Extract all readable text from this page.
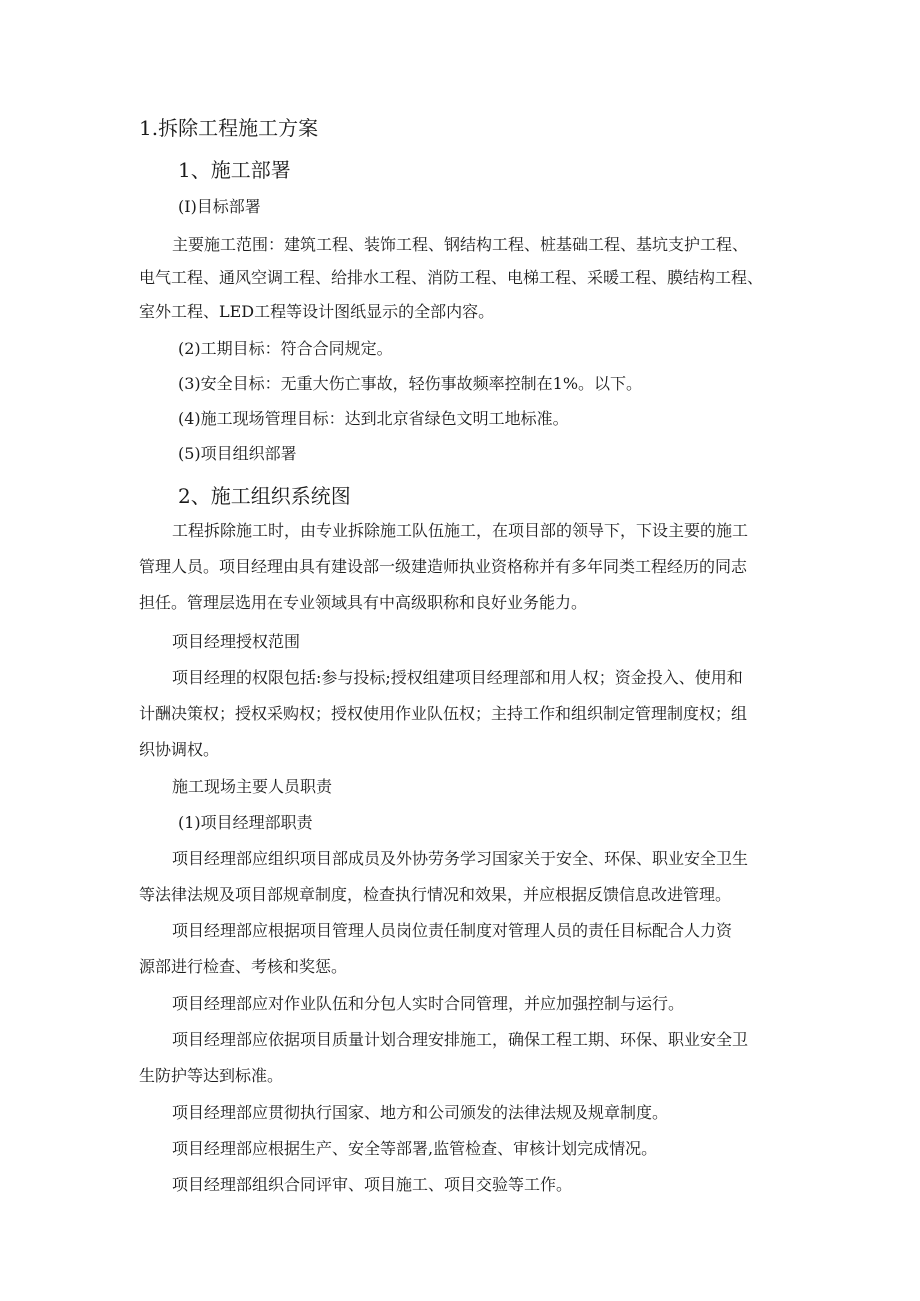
1.拆除工程施工方案
1、施工部署
(I)目标部署
主要施工范围：建筑工程、装饰工程、钢结构工程、桩基础工程、基坑支护工程、
电气工程、通风空调工程、给排水工程、消防工程、电梯工程、采暖工程、膜结构工程、
室外工程、LED工程等设计图纸显示的全部内容。
(2)工期目标：符合合同规定。
(3)安全目标：无重大伤亡事故，轻伤事故频率控制在1%。以下。
(4)施工现场管理目标：达到北京省绿色文明工地标准。
(5)项目组织部署
2、施工组织系统图
工程拆除施工时，由专业拆除施工队伍施工，在项目部的领导下，下设主要的施工
管理人员。项目经理由具有建设部一级建造师执业资格称并有多年同类工程经历的同志
担任。管理层选用在专业领域具有中高级职称和良好业务能力。
项目经理授权范围
项目经理的权限包括:参与投标;授权组建项目经理部和用人权；资金投入、使用和
计酬决策权；授权采购权；授权使用作业队伍权；主持工作和组织制定管理制度权；组
织协调权。
施工现场主要人员职责
(1)项目经理部职责
项目经理部应组织项目部成员及外协劳务学习国家关于安全、环保、职业安全卫生
等法律法规及项目部规章制度，检查执行情况和效果，并应根据反馈信息改进管理。
项目经理部应根据项目管理人员岗位责任制度对管理人员的责任目标配合人力资
源部进行检查、考核和奖惩。
项目经理部应对作业队伍和分包人实时合同管理，并应加强控制与运行。
项目经理部应依据项目质量计划合理安排施工，确保工程工期、环保、职业安全卫
生防护等达到标准。
项目经理部应贯彻执行国家、地方和公司颁发的法律法规及规章制度。
项目经理部应根据生产、安全等部署,监管检查、审核计划完成情况。
项目经理部组织合同评审、项目施工、项目交验等工作。
